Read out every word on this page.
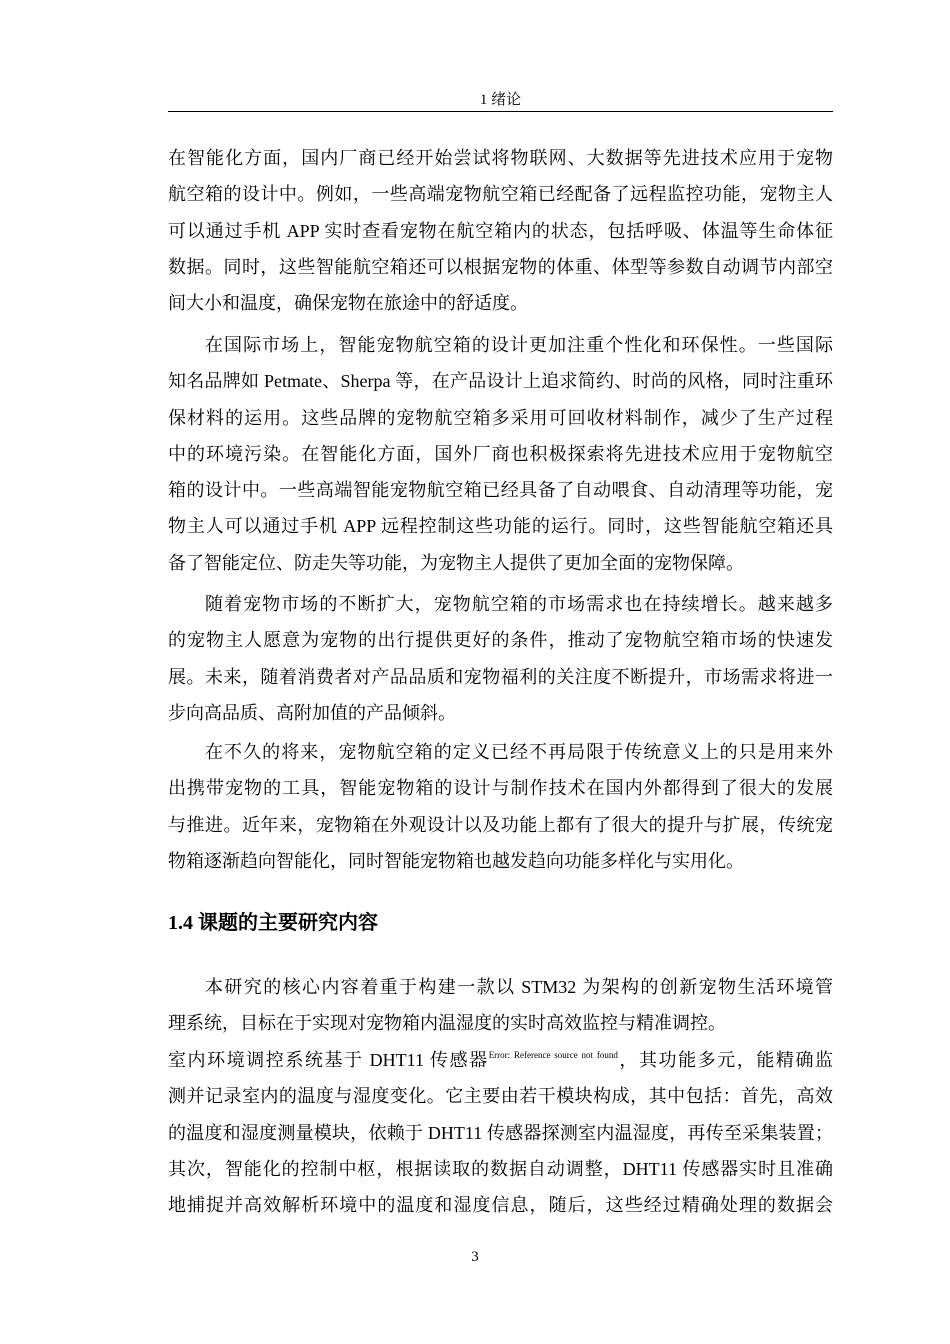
1 绪论
在智能化方面，国内厂商已经开始尝试将物联网、大数据等先进技术应用于宠物
航空箱的设计中。例如，一些高端宠物航空箱已经配备了远程监控功能，宠物主人
可以通过手机 APP 实时查看宠物在航空箱内的状态，包括呼吸、体温等生命体征
数据。同时，这些智能航空箱还可以根据宠物的体重、体型等参数自动调节内部空
间大小和温度，确保宠物在旅途中的舒适度。
在国际市场上，智能宠物航空箱的设计更加注重个性化和环保性。一些国际
知名品牌如 Petmate、Sherpa 等，在产品设计上追求简约、时尚的风格，同时注重环
保材料的运用。这些品牌的宠物航空箱多采用可回收材料制作，减少了生产过程
中的环境污染。在智能化方面，国外厂商也积极探索将先进技术应用于宠物航空
箱的设计中。一些高端智能宠物航空箱已经具备了自动喂食、自动清理等功能，宠
物主人可以通过手机 APP 远程控制这些功能的运行。同时，这些智能航空箱还具
备了智能定位、防走失等功能，为宠物主人提供了更加全面的宠物保障。
随着宠物市场的不断扩大，宠物航空箱的市场需求也在持续增长。越来越多
的宠物主人愿意为宠物的出行提供更好的条件，推动了宠物航空箱市场的快速发
展。未来，随着消费者对产品品质和宠物福利的关注度不断提升，市场需求将进一
步向高品质、高附加值的产品倾斜。
在不久的将来，宠物航空箱的定义已经不再局限于传统意义上的只是用来外
出携带宠物的工具，智能宠物箱的设计与制作技术在国内外都得到了很大的发展
与推进。近年来，宠物箱在外观设计以及功能上都有了很大的提升与扩展，传统宠
物箱逐渐趋向智能化，同时智能宠物箱也越发趋向功能多样化与实用化。
1.4 课题的主要研究内容
本研究的核心内容着重于构建一款以 STM32 为架构的创新宠物生活环境管
理系统，目标在于实现对宠物箱内温湿度的实时高效监控与精准调控。
室内环境调控系统基于 DHT11 传感器$^{Error: Reference source not found}$，其功能多元，能精确监
测并记录室内的温度与湿度变化。它主要由若干模块构成，其中包括：首先，高效
的温度和湿度测量模块，依赖于 DHT11 传感器探测室内温湿度，再传至采集装置；
其次，智能化的控制中枢，根据读取的数据自动调整，DHT11 传感器实时且准确
地捕捉并高效解析环境中的温度和湿度信息，随后，这些经过精确处理的数据会
3
